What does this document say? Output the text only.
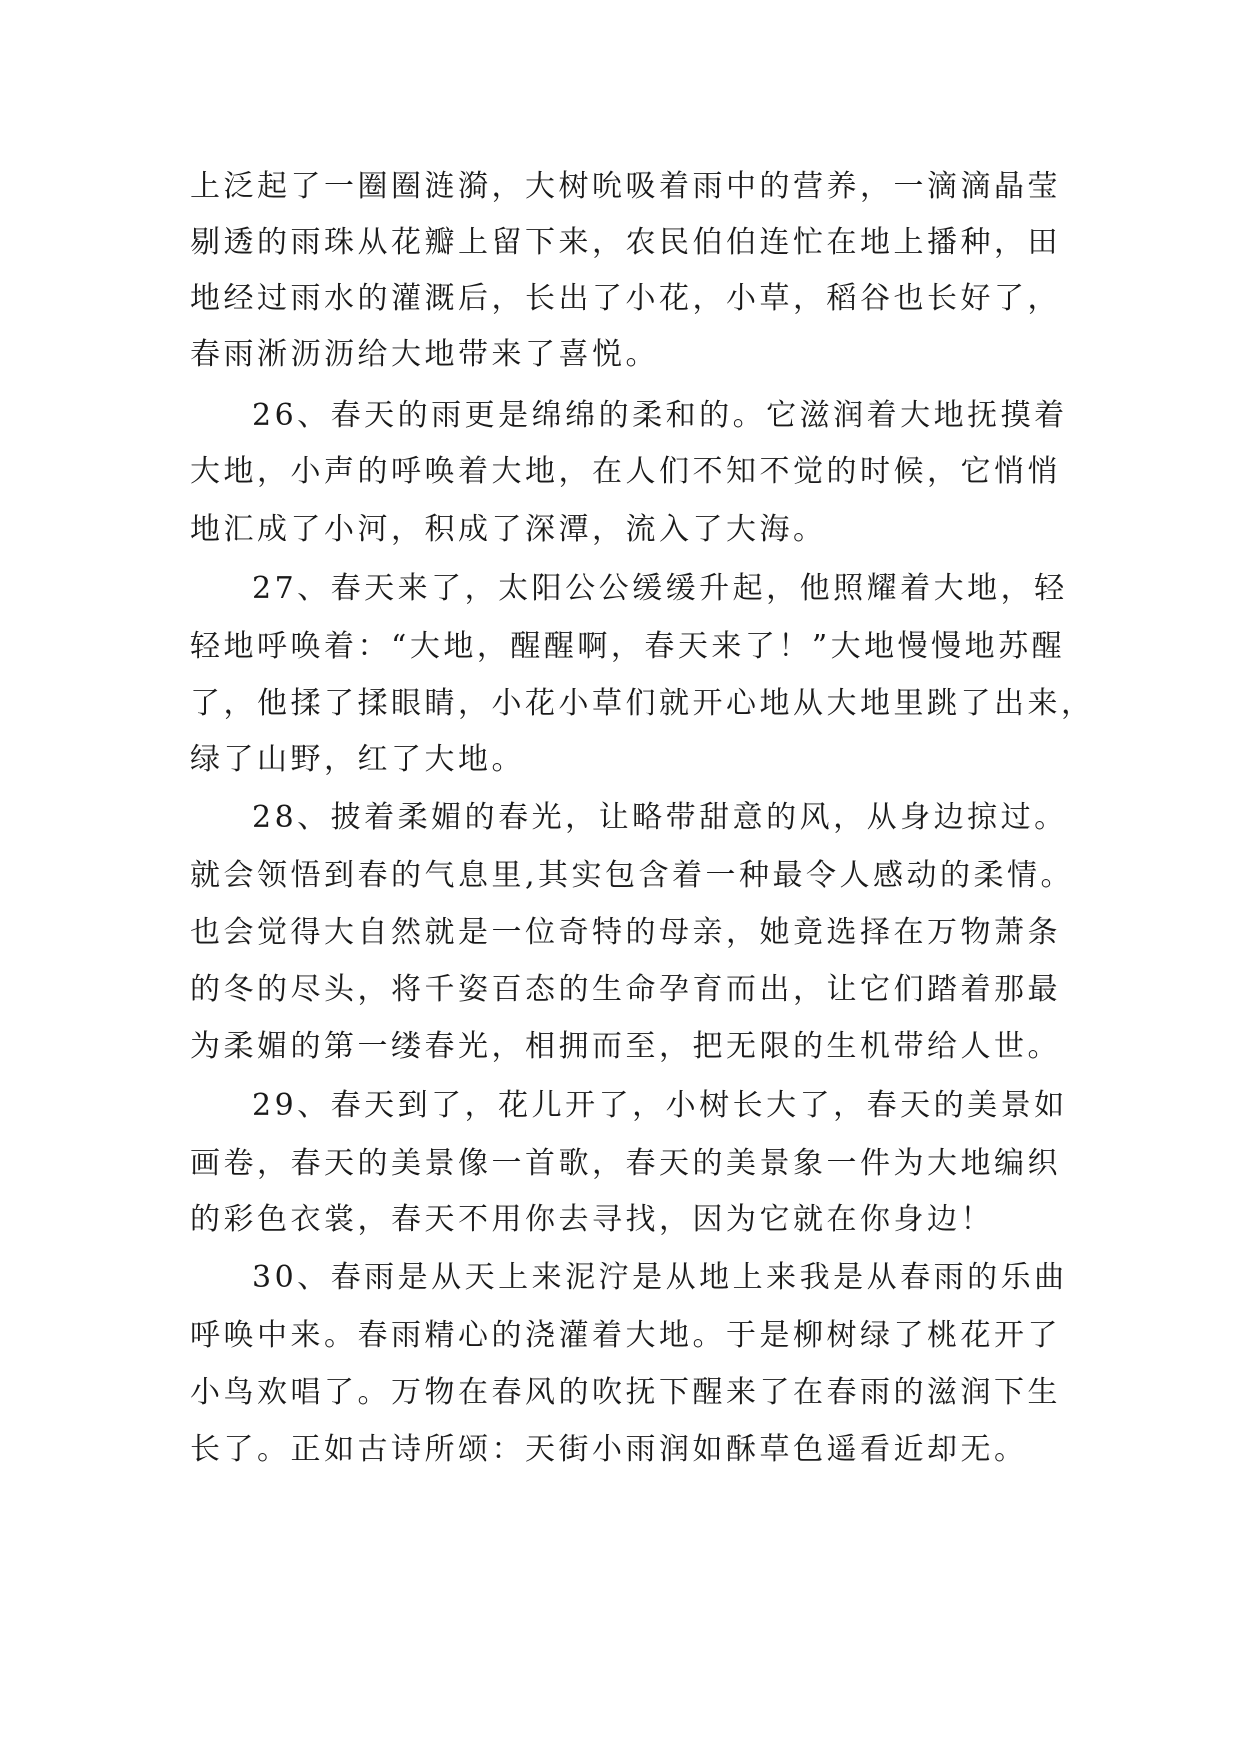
上泛起了一圈圈涟漪，大树吮吸着雨中的营养，一滴滴晶莹
剔透的雨珠从花瓣上留下来，农民伯伯连忙在地上播种，田
地经过雨水的灌溉后，长出了小花，小草，稻谷也长好了，
春雨淅沥沥给大地带来了喜悦。
26、春天的雨更是绵绵的柔和的。它滋润着大地抚摸着
大地，小声的呼唤着大地，在人们不知不觉的时候，它悄悄
地汇成了小河，积成了深潭，流入了大海。
27、春天来了，太阳公公缓缓升起，他照耀着大地，轻
轻地呼唤着：“大地，醒醒啊，春天来了！”大地慢慢地苏醒
了，他揉了揉眼睛，小花小草们就开心地从大地里跳了出来，
绿了山野，红了大地。
28、披着柔媚的春光，让略带甜意的风，从身边掠过。
就会领悟到春的气息里,其实包含着一种最令人感动的柔情。
也会觉得大自然就是一位奇特的母亲，她竟选择在万物萧条
的冬的尽头，将千姿百态的生命孕育而出，让它们踏着那最
为柔媚的第一缕春光，相拥而至，把无限的生机带给人世。
29、春天到了，花儿开了，小树长大了，春天的美景如
画卷，春天的美景像一首歌，春天的美景象一件为大地编织
的彩色衣裳，春天不用你去寻找，因为它就在你身边！
30、春雨是从天上来泥泞是从地上来我是从春雨的乐曲
呼唤中来。春雨精心的浇灌着大地。于是柳树绿了桃花开了
小鸟欢唱了。万物在春风的吹抚下醒来了在春雨的滋润下生
长了。正如古诗所颂：天街小雨润如酥草色遥看近却无。
